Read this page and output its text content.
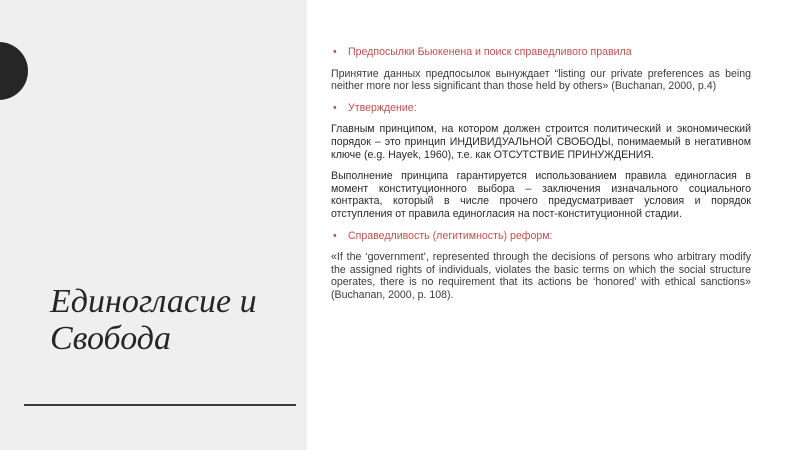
Единогласие и
Свобода

• Предпосылки Бьюкенена и поиск справедливого правила

Принятие данных предпосылок вынуждает “listing our private preferences as being neither more nor less significant than those held by others» (Buchanan, 2000, p.4)

• Утверждение:

Главным принципом, на котором должен строится политический и экономический порядок – это принцип ИНДИВИДУАЛЬНОЙ СВОБОДЫ, понимаемый в негативном ключе (e.g. Hayek, 1960), т.е. как ОТСУТСТВИЕ ПРИНУЖДЕНИЯ.

Выполнение принципа гарантируется использованием правила единогласия в момент конституционного выбора – заключения изначального социального контракта, который в числе прочего предусматривает условия и порядок отступления от правила единогласия на пост-конституционной стадии.

• Справедливость (легитимность) реформ:

«If the ‘government’, represented through the decisions of persons who arbitrary modify the assigned rights of individuals, violates the basic terms on which the social structure operates, there is no requirement that its actions be ‘honored’ with ethical sanctions» (Buchanan, 2000, p. 108).
